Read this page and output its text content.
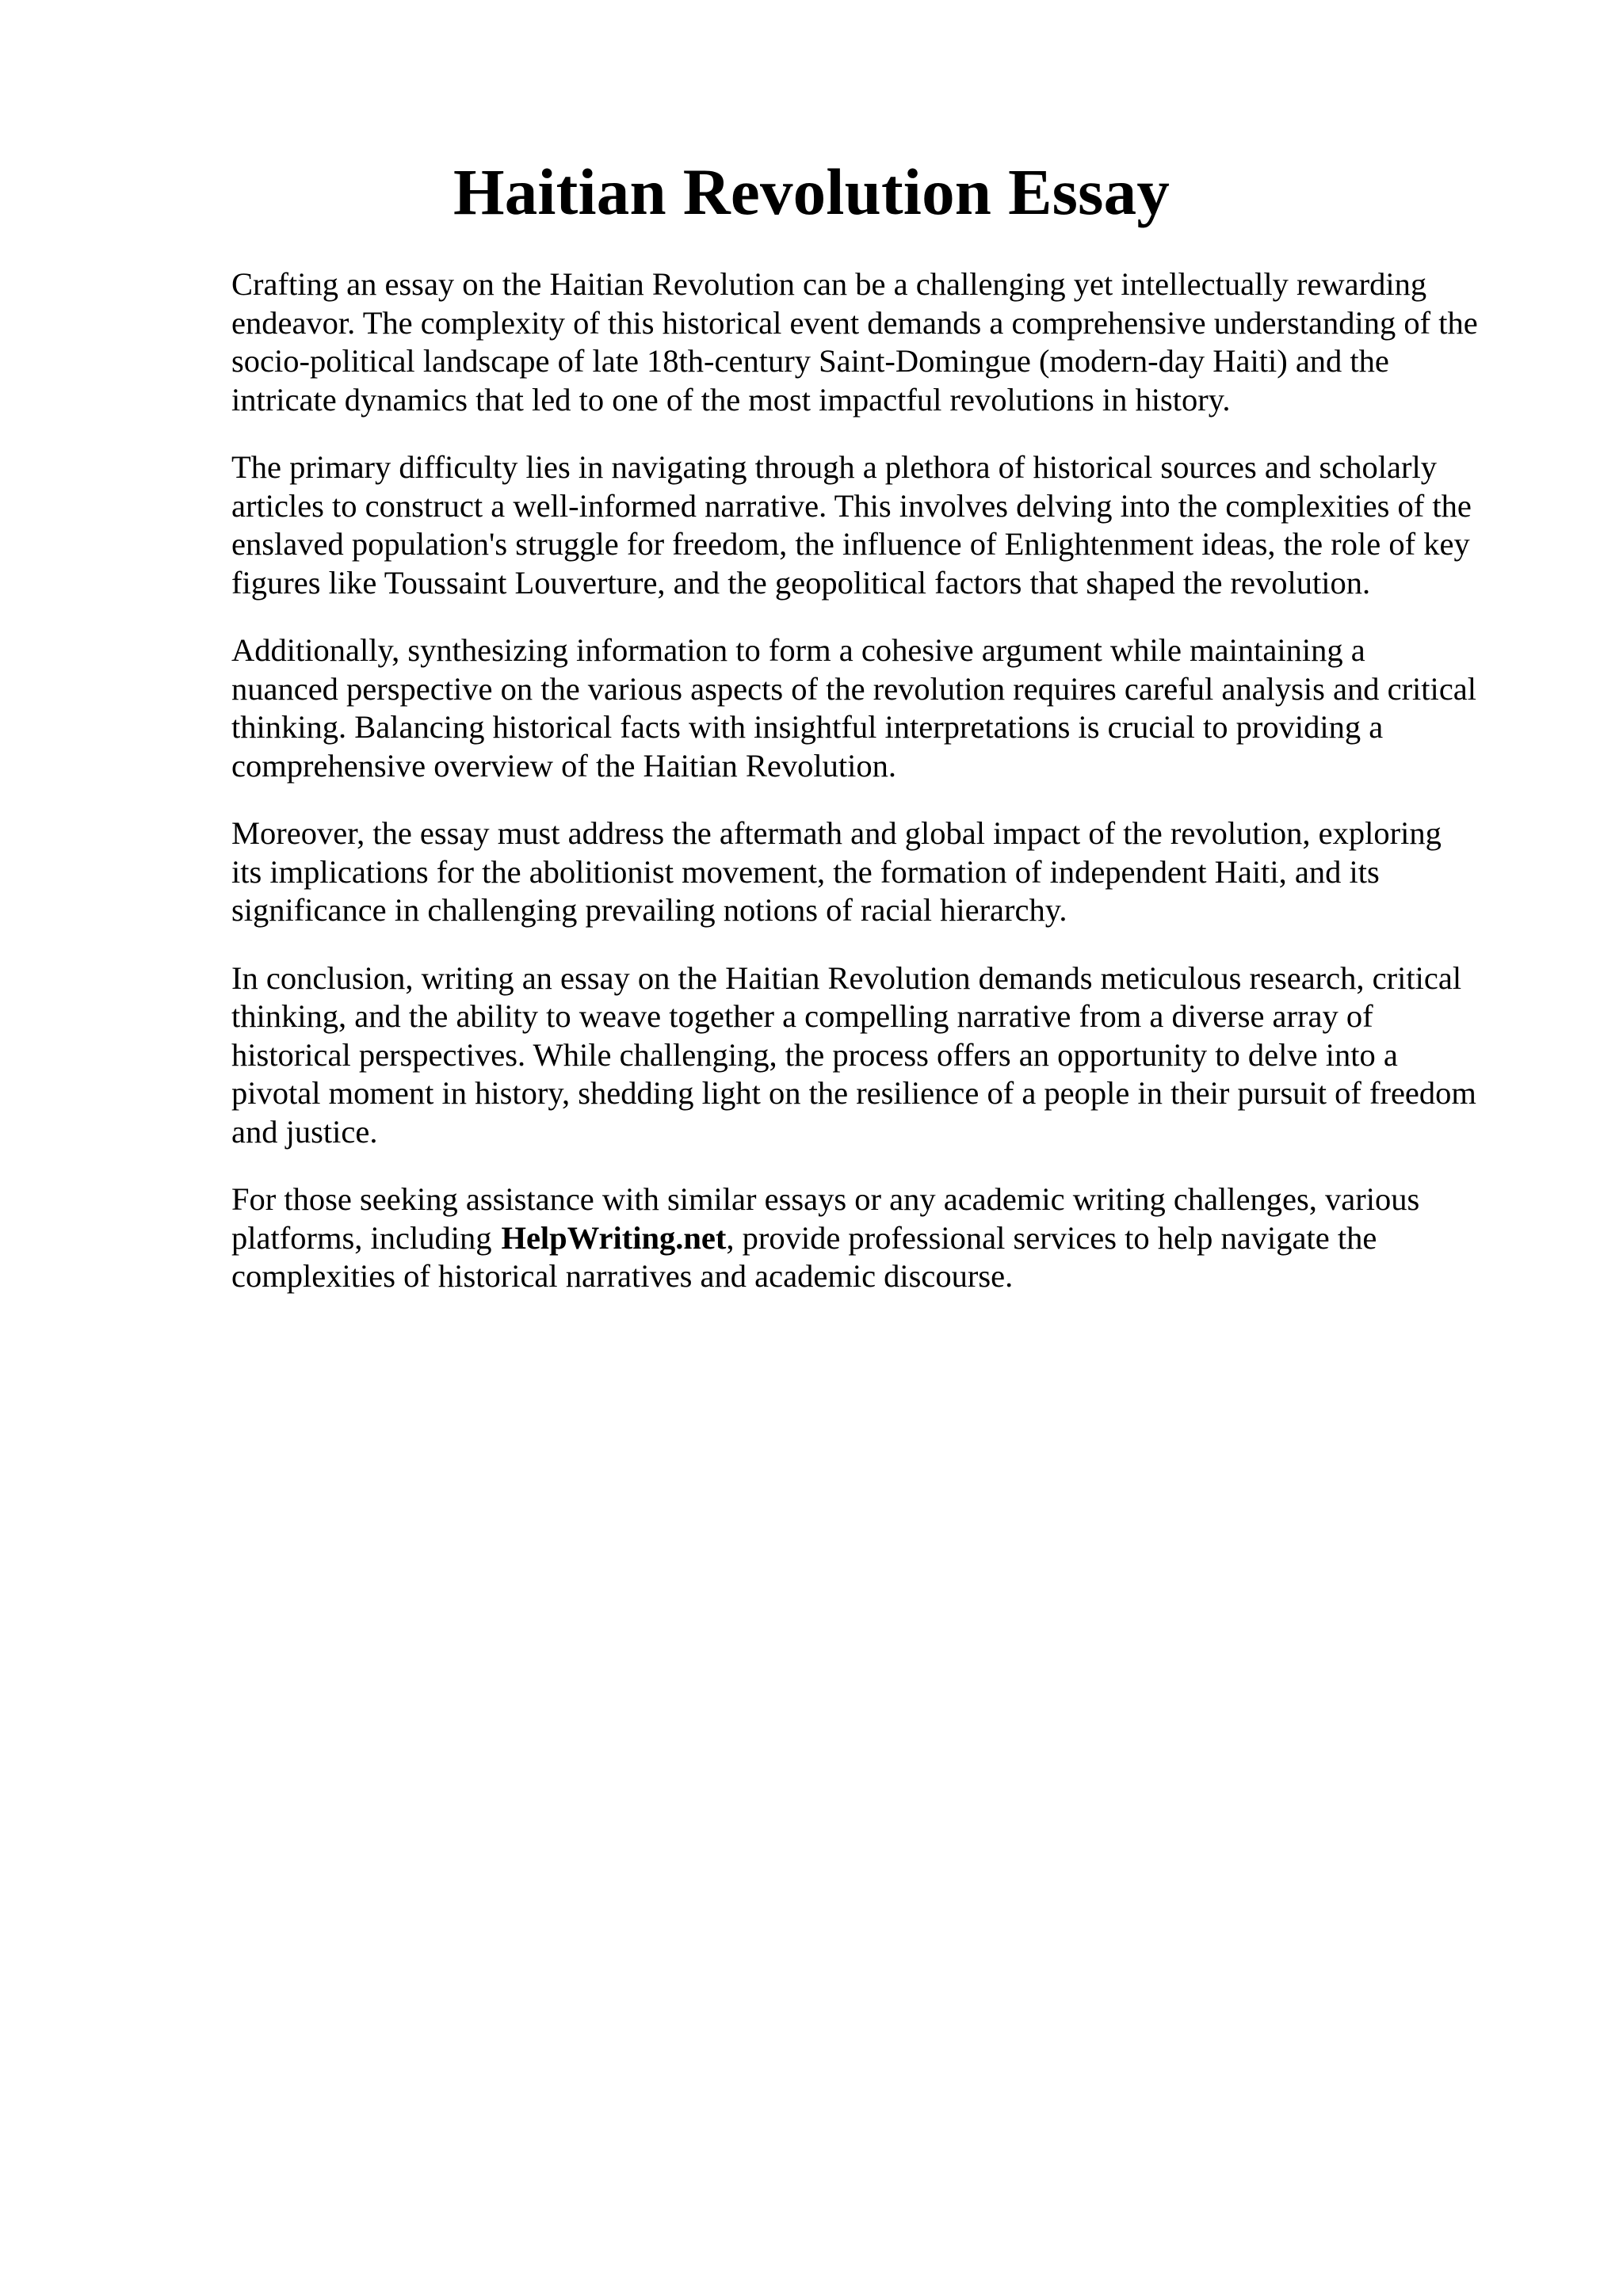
Haitian Revolution Essay

Crafting an essay on the Haitian Revolution can be a challenging yet intellectually rewarding
endeavor. The complexity of this historical event demands a comprehensive understanding of the
socio-political landscape of late 18th-century Saint-Domingue (modern-day Haiti) and the
intricate dynamics that led to one of the most impactful revolutions in history.

The primary difficulty lies in navigating through a plethora of historical sources and scholarly
articles to construct a well-informed narrative. This involves delving into the complexities of the
enslaved population's struggle for freedom, the influence of Enlightenment ideas, the role of key
figures like Toussaint Louverture, and the geopolitical factors that shaped the revolution.

Additionally, synthesizing information to form a cohesive argument while maintaining a
nuanced perspective on the various aspects of the revolution requires careful analysis and critical
thinking. Balancing historical facts with insightful interpretations is crucial to providing a
comprehensive overview of the Haitian Revolution.

Moreover, the essay must address the aftermath and global impact of the revolution, exploring
its implications for the abolitionist movement, the formation of independent Haiti, and its
significance in challenging prevailing notions of racial hierarchy.

In conclusion, writing an essay on the Haitian Revolution demands meticulous research, critical
thinking, and the ability to weave together a compelling narrative from a diverse array of
historical perspectives. While challenging, the process offers an opportunity to delve into a
pivotal moment in history, shedding light on the resilience of a people in their pursuit of freedom
and justice.

For those seeking assistance with similar essays or any academic writing challenges, various
platforms, including HelpWriting.net, provide professional services to help navigate the
complexities of historical narratives and academic discourse.
